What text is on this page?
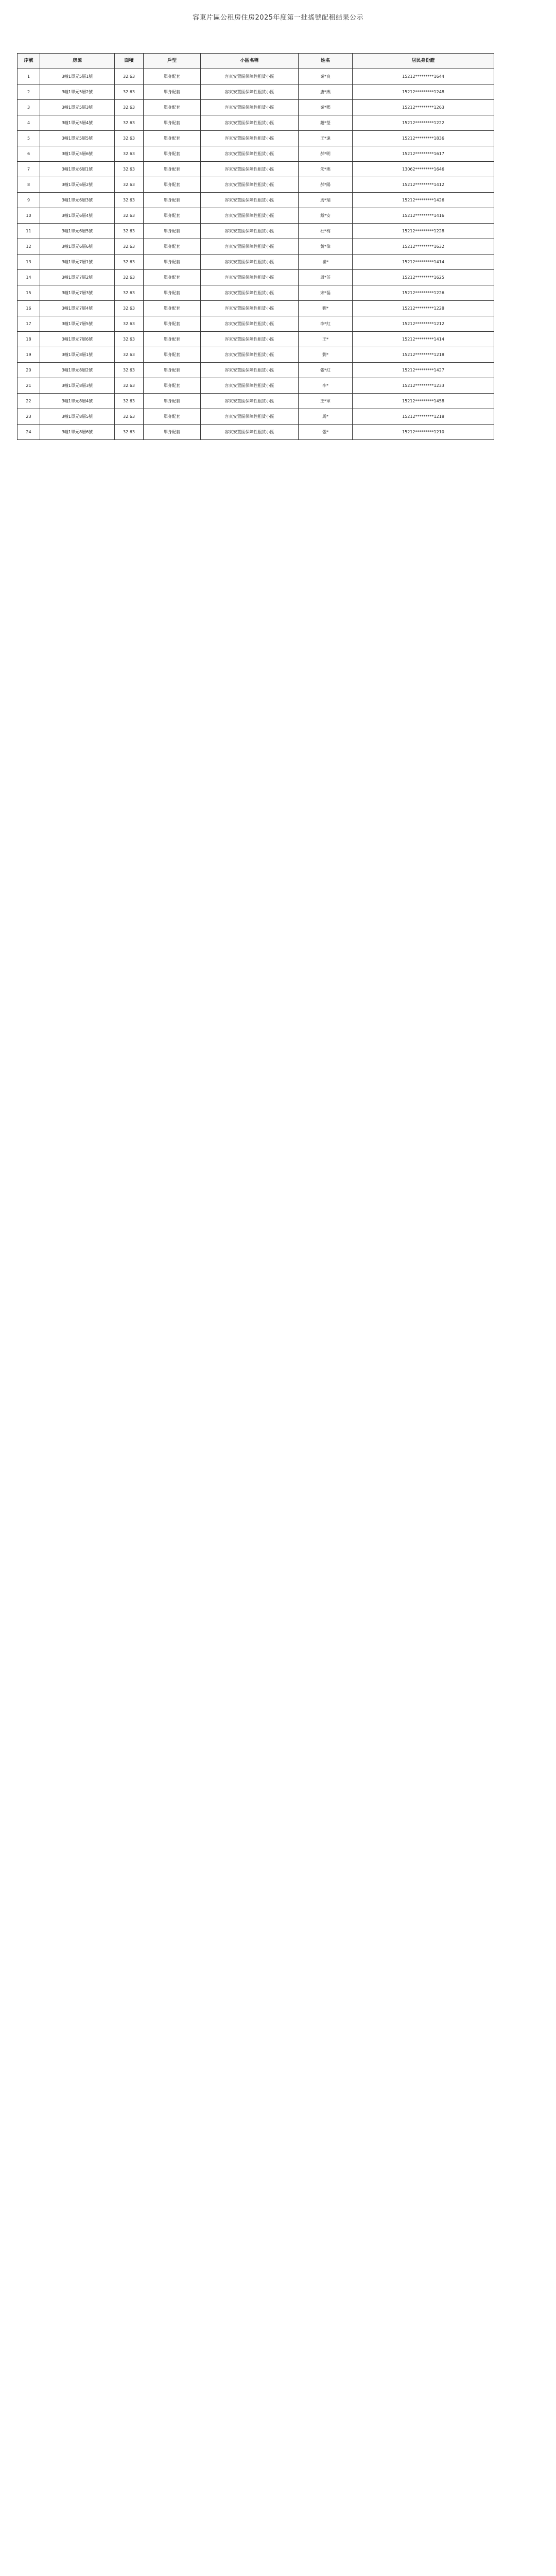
容東片區公租房住房2025年度第一批搖號配租結果公示
序號	房源	面積	戶型	小區名稱	姓名	居民身份證
1	3幢1單元5層1號	32.63	單身配套	容東安置區保障性租賃小區	秦*良	15212*********1644
2	3幢1單元5層2號	32.63	單身配套	容東安置區保障性租賃小區	唐*燕	15212*********1248
3	3幢1單元5層3號	32.63	單身配套	容東安置區保障性租賃小區	秦*熙	15212*********1263
4	3幢1單元5層4號	32.63	單身配套	容東安置區保障性租賃小區	趙*瑩	15212*********1222
5	3幢1單元5層5號	32.63	單身配套	容東安置區保障性租賃小區	王*遠	15212*********1836
6	3幢1單元5層6號	32.63	單身配套	容東安置區保障性租賃小區	郝*明	15212*********1617
7	3幢1單元6層1號	32.63	單身配套	容東安置區保障性租賃小區	朱*燕	13062*********1646
8	3幢1單元6層2號	32.63	單身配套	容東安置區保障性租賃小區	郝*陽	15212*********1412
9	3幢1單元6層3號	32.63	單身配套	容東安置區保障性租賃小區	馬*瑞	15212*********1426
10	3幢1單元6層4號	32.63	單身配套	容東安置區保障性租賃小區	戴*安	15212*********1416
11	3幢1單元6層5號	32.63	單身配套	容東安置區保障性租賃小區	杜*梅	15212*********1228
12	3幢1單元6層6號	32.63	單身配套	容東安置區保障性租賃小區	黃*偉	15212*********1632
13	3幢1單元7層1號	32.63	單身配套	容東安置區保障性租賃小區	崔*	15212*********1414
14	3幢1單元7層2號	32.63	單身配套	容東安置區保障性租賃小區	周*英	15212*********1625
15	3幢1單元7層3號	32.63	單身配套	容東安置區保障性租賃小區	宋*磊	15212*********1226
16	3幢1單元7層4號	32.63	單身配套	容東安置區保障性租賃小區	劉*	15212*********1228
17	3幢1單元7層5號	32.63	單身配套	容東安置區保障性租賃小區	李*紅	15212*********1212
18	3幢1單元7層6號	32.63	單身配套	容東安置區保障性租賃小區	王*	15212*********1414
19	3幢1單元8層1號	32.63	單身配套	容東安置區保障性租賃小區	劉*	15212*********1218
20	3幢1單元8層2號	32.63	單身配套	容東安置區保障性租賃小區	張*紅	15212*********1427
21	3幢1單元8層3號	32.63	單身配套	容東安置區保障性租賃小區	李*	15212*********1233
22	3幢1單元8層4號	32.63	單身配套	容東安置區保障性租賃小區	王*軍	15212*********1458
23	3幢1單元8層5號	32.63	單身配套	容東安置區保障性租賃小區	馬*	15212*********1218
24	3幢1單元8層6號	32.63	單身配套	容東安置區保障性租賃小區	張*	15212*********1210
